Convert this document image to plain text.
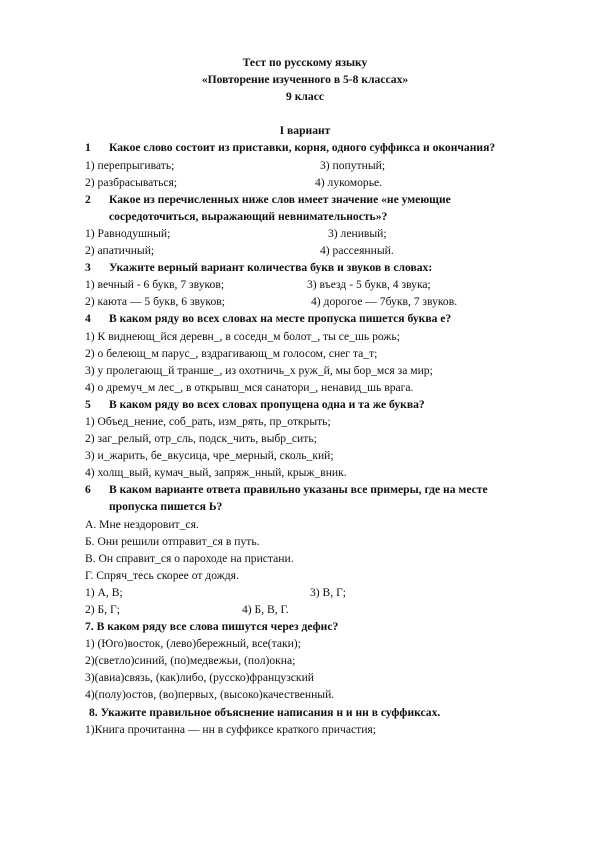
Тест по русскому языку
«Повторение изученного в 5-8 классах»
9 класс
I вариант
1 Какое слово состоит из приставки, корня, одного суффикса и окончания?
1) перепрыгивать;	3) попутный;
2) разбрасываться;	4) лукоморье.
2 Какое из перечисленных ниже слов имеет значение «не умеющие сосредоточиться, выражающий невнимательность»?
1) Равнодушный;	3) ленивый;
2) апатичный;	4) рассеянный.
3 Укажите верный вариант количества букв и звуков в словах:
1) вечный - 6 букв, 7 звуков;	3) въезд - 5 букв, 4 звука;
2) каюта — 5 букв, 6 звуков;	4) дорогое — 7букв, 7 звуков.
4 В каком ряду во всех словах на месте пропуска пишется буква е?
1) К виднеющ_йся деревн_, в соседн_м болот_, ты се_шь рожь;
2) о белеющ_м парус_, вздрагивающ_м голосом, снег та_т;
3) у пролегающ_й траншe_, из охотничь_х руж_й, мы бор_мся за мир;
4) о дремуч_м лес_, в открывш_мся санатори_, ненавид_шь врага.
5 В каком ряду во всех словах пропущена одна и та же буква?
1) Объед_нение, соб_рать, изм_рять, пр_открыть;
2) заг_релый, отр_сль, подск_чить, выбр_сить;
3) и_жарить, бе_вкусица, чре_мерный, сколь_кий;
4) холщ_вый, кумач_вый, запряж_нный, крыж_вник.
6 В каком варианте ответа правильно указаны все примеры, где на месте пропуска пишется Ь?
А. Мне нездоровит_ся.
Б. Они решили отправит_ся в путь.
В. Он справит_ся о пароходе на пристани.
Г. Спряч_тесь скорее от дождя.
1) А, В;	3) В, Г;
2) Б, Г;	4) Б, В, Г.
7. В каком ряду все слова пишутся через дефис?
1) (Юго)восток, (лево)бережный, все(таки);
2)(светло)синий, (по)медвежьи, (пол)окна;
3)(авиа)связь, (как)либо, (русско)французский
4)(полу)остов, (во)первых, (высоко)качественный.
8. Укажите правильное объяснение написания н и нн в суффиксах.
1)Книга прочитанна — нн в суффиксе краткого причастия;
